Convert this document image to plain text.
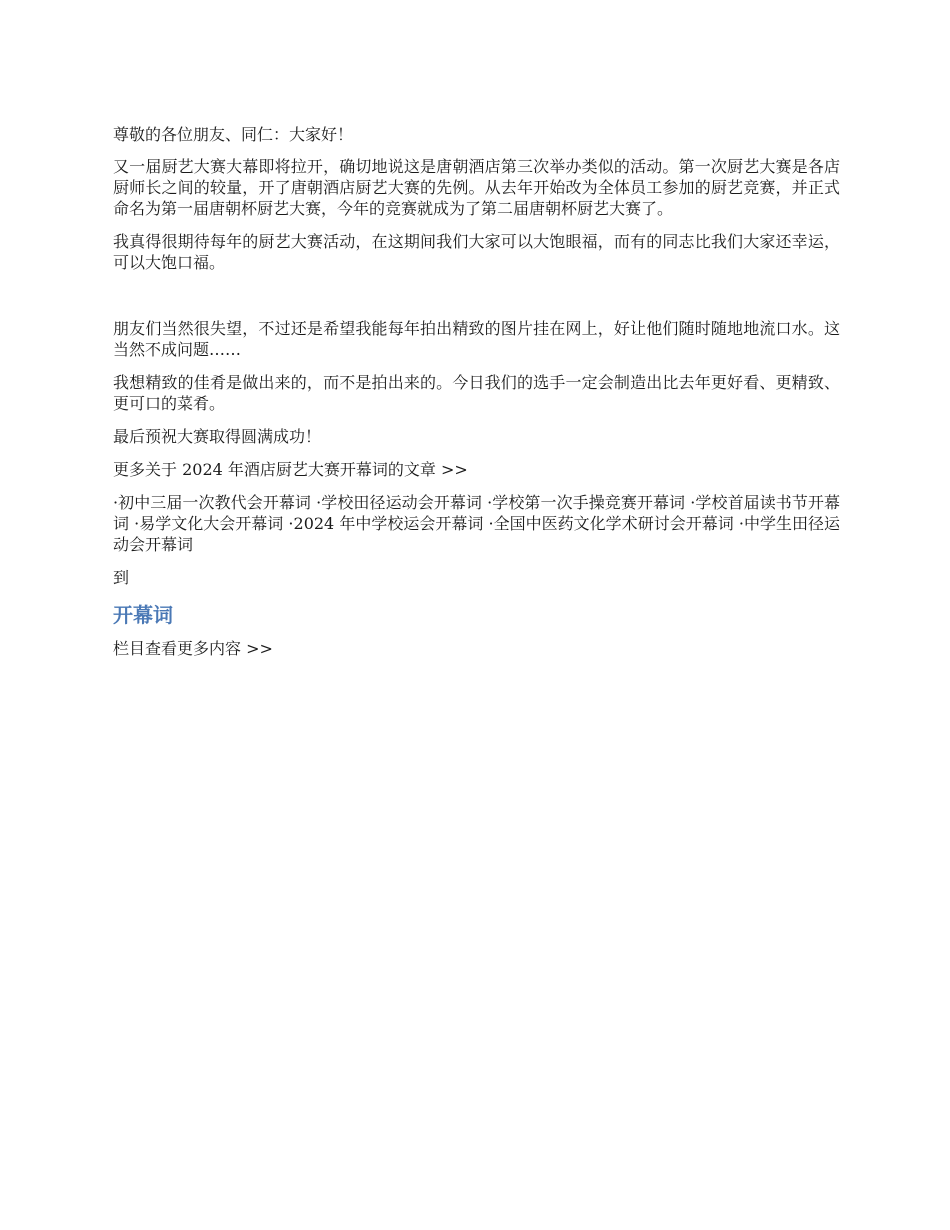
尊敬的各位朋友、同仁：大家好！

又一届厨艺大赛大幕即将拉开，确切地说这是唐朝酒店第三次举办类似的活动。第一次厨艺大赛是各店厨师长之间的较量，开了唐朝酒店厨艺大赛的先例。从去年开始改为全体员工参加的厨艺竞赛，并正式命名为第一届唐朝杯厨艺大赛，今年的竞赛就成为了第二届唐朝杯厨艺大赛了。

我真得很期待每年的厨艺大赛活动，在这期间我们大家可以大饱眼福，而有的同志比我们大家还幸运，可以大饱口福。

朋友们当然很失望，不过还是希望我能每年拍出精致的图片挂在网上，好让他们随时随地地流口水。这当然不成问题……

我想精致的佳肴是做出来的，而不是拍出来的。今日我们的选手一定会制造出比去年更好看、更精致、更可口的菜肴。

最后预祝大赛取得圆满成功！

更多关于 2024 年酒店厨艺大赛开幕词的文章 >>

·初中三届一次教代会开幕词 ·学校田径运动会开幕词 ·学校第一次手操竞赛开幕词 ·学校首届读书节开幕词 ·易学文化大会开幕词 ·2024 年中学校运会开幕词 ·全国中医药文化学术研讨会开幕词 ·中学生田径运动会开幕词

到

开幕词

栏目查看更多内容 >>
